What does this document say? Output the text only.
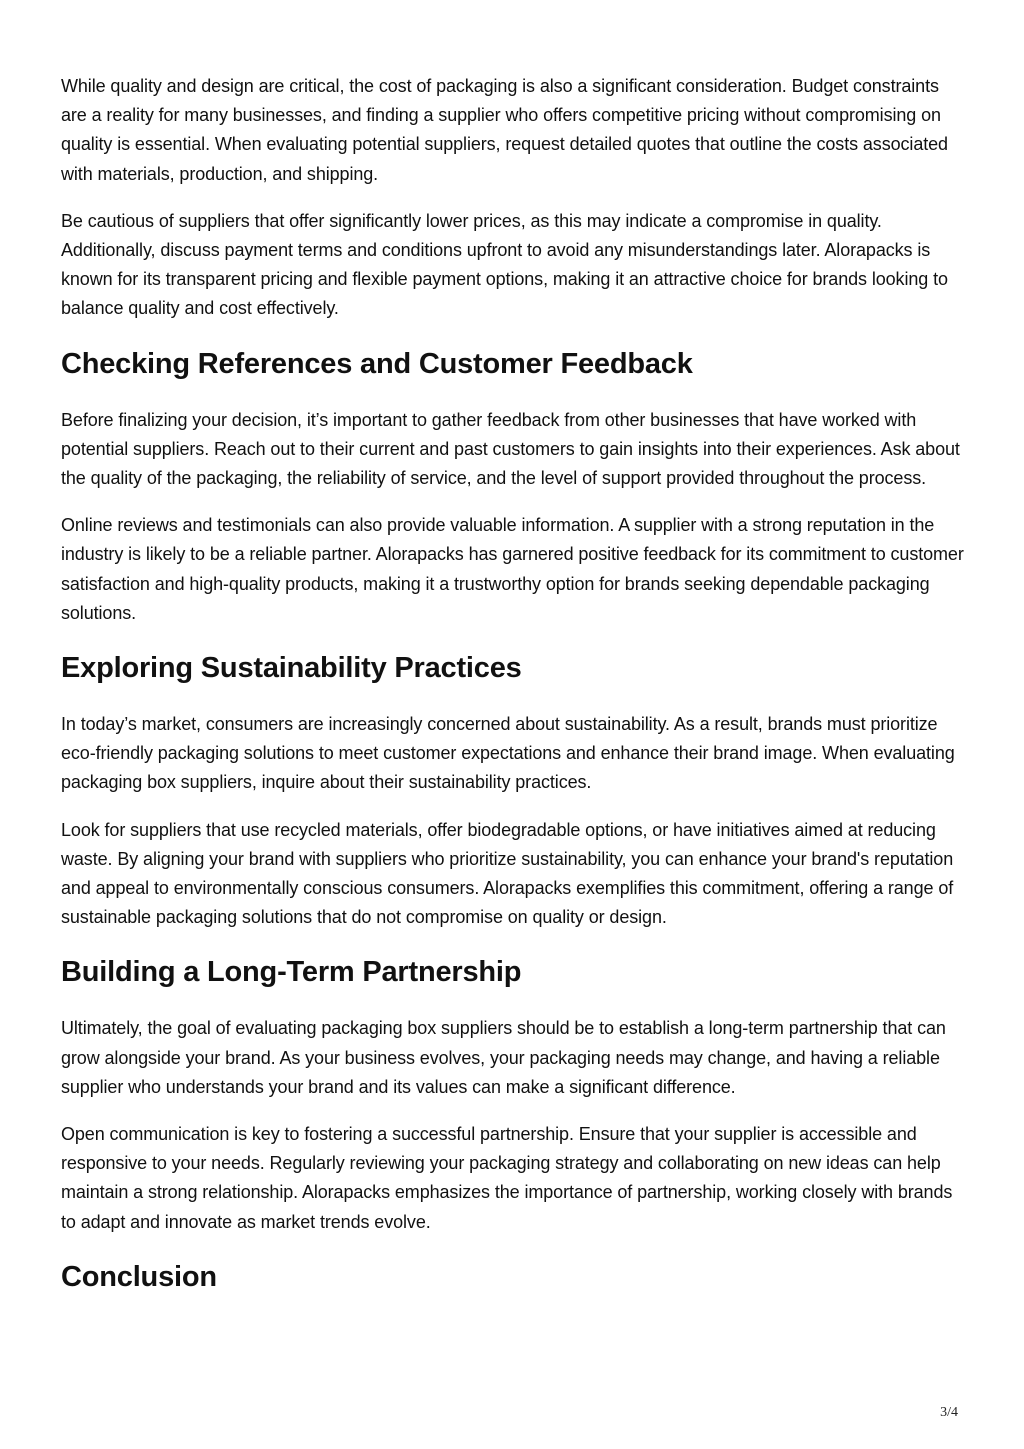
While quality and design are critical, the cost of packaging is also a significant consideration. Budget constraints are a reality for many businesses, and finding a supplier who offers competitive pricing without compromising on quality is essential. When evaluating potential suppliers, request detailed quotes that outline the costs associated with materials, production, and shipping.

Be cautious of suppliers that offer significantly lower prices, as this may indicate a compromise in quality. Additionally, discuss payment terms and conditions upfront to avoid any misunderstandings later. Alorapacks is known for its transparent pricing and flexible payment options, making it an attractive choice for brands looking to balance quality and cost effectively.

Checking References and Customer Feedback

Before finalizing your decision, it’s important to gather feedback from other businesses that have worked with potential suppliers. Reach out to their current and past customers to gain insights into their experiences. Ask about the quality of the packaging, the reliability of service, and the level of support provided throughout the process.

Online reviews and testimonials can also provide valuable information. A supplier with a strong reputation in the industry is likely to be a reliable partner. Alorapacks has garnered positive feedback for its commitment to customer satisfaction and high-quality products, making it a trustworthy option for brands seeking dependable packaging solutions.

Exploring Sustainability Practices

In today’s market, consumers are increasingly concerned about sustainability. As a result, brands must prioritize eco-friendly packaging solutions to meet customer expectations and enhance their brand image. When evaluating packaging box suppliers, inquire about their sustainability practices.

Look for suppliers that use recycled materials, offer biodegradable options, or have initiatives aimed at reducing waste. By aligning your brand with suppliers who prioritize sustainability, you can enhance your brand's reputation and appeal to environmentally conscious consumers. Alorapacks exemplifies this commitment, offering a range of sustainable packaging solutions that do not compromise on quality or design.

Building a Long-Term Partnership

Ultimately, the goal of evaluating packaging box suppliers should be to establish a long-term partnership that can grow alongside your brand. As your business evolves, your packaging needs may change, and having a reliable supplier who understands your brand and its values can make a significant difference.

Open communication is key to fostering a successful partnership. Ensure that your supplier is accessible and responsive to your needs. Regularly reviewing your packaging strategy and collaborating on new ideas can help maintain a strong relationship. Alorapacks emphasizes the importance of partnership, working closely with brands to adapt and innovate as market trends evolve.

Conclusion
3/4
